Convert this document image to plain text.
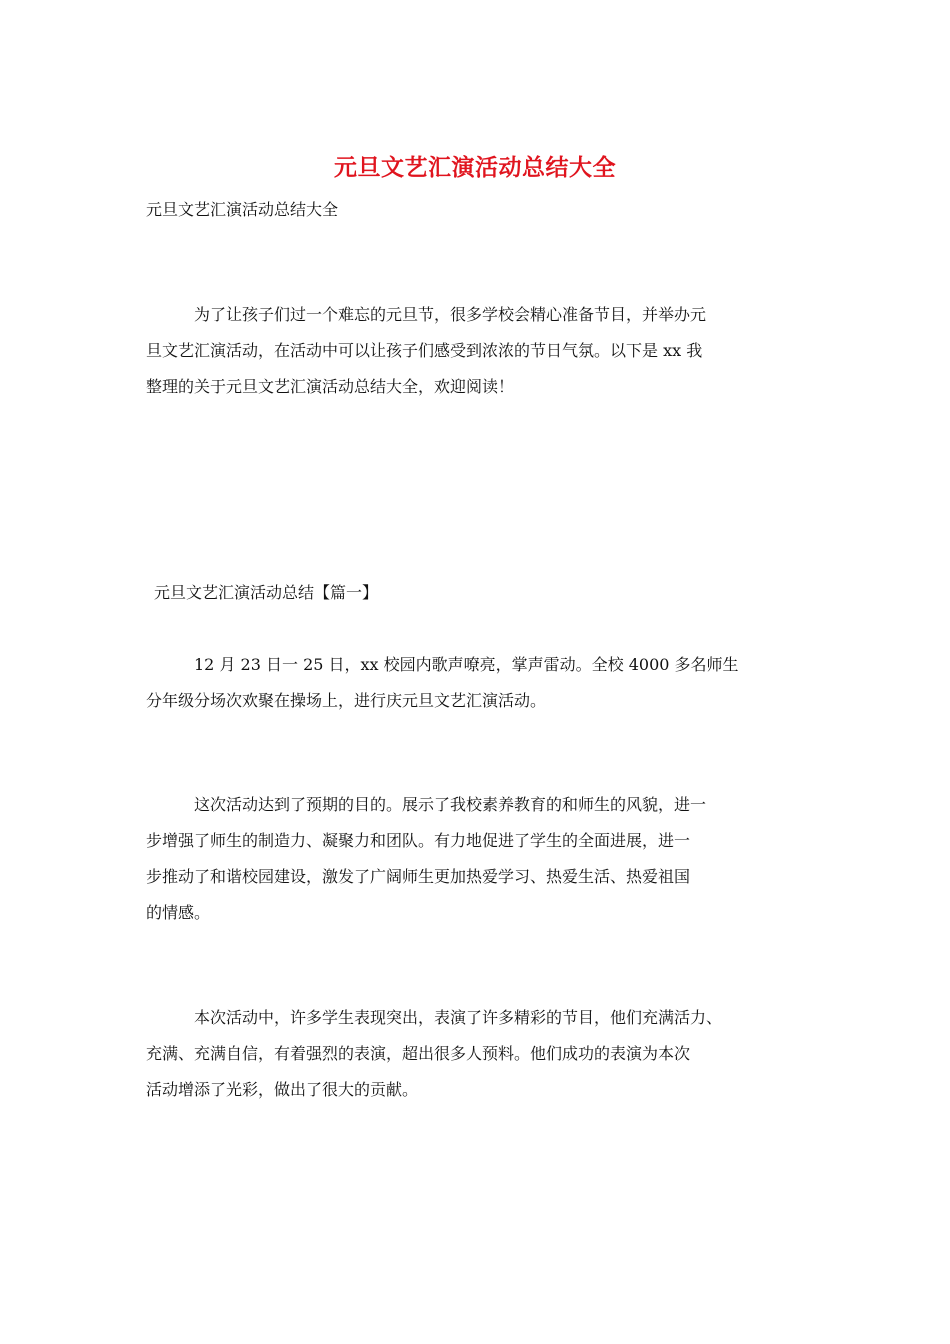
元旦文艺汇演活动总结大全
元旦文艺汇演活动总结大全
为了让孩子们过一个难忘的元旦节，很多学校会精心准备节目，并举办元
旦文艺汇演活动，在活动中可以让孩子们感受到浓浓的节日气氛。以下是 xx 我
整理的关于元旦文艺汇演活动总结大全，欢迎阅读！
元旦文艺汇演活动总结【篇一】
12 月 23 日一 25 日，xx 校园内歌声嘹亮，掌声雷动。全校 4000 多名师生
分年级分场次欢聚在操场上，进行庆元旦文艺汇演活动。
这次活动达到了预期的目的。展示了我校素养教育的和师生的风貌，进一
步增强了师生的制造力、凝聚力和团队。有力地促进了学生的全面进展，进一
步推动了和谐校园建设，激发了广阔师生更加热爱学习、热爱生活、热爱祖国
的情感。
本次活动中，许多学生表现突出，表演了许多精彩的节目，他们充满活力、
充满、充满自信，有着强烈的表演，超出很多人预料。他们成功的表演为本次
活动增添了光彩，做出了很大的贡献。
